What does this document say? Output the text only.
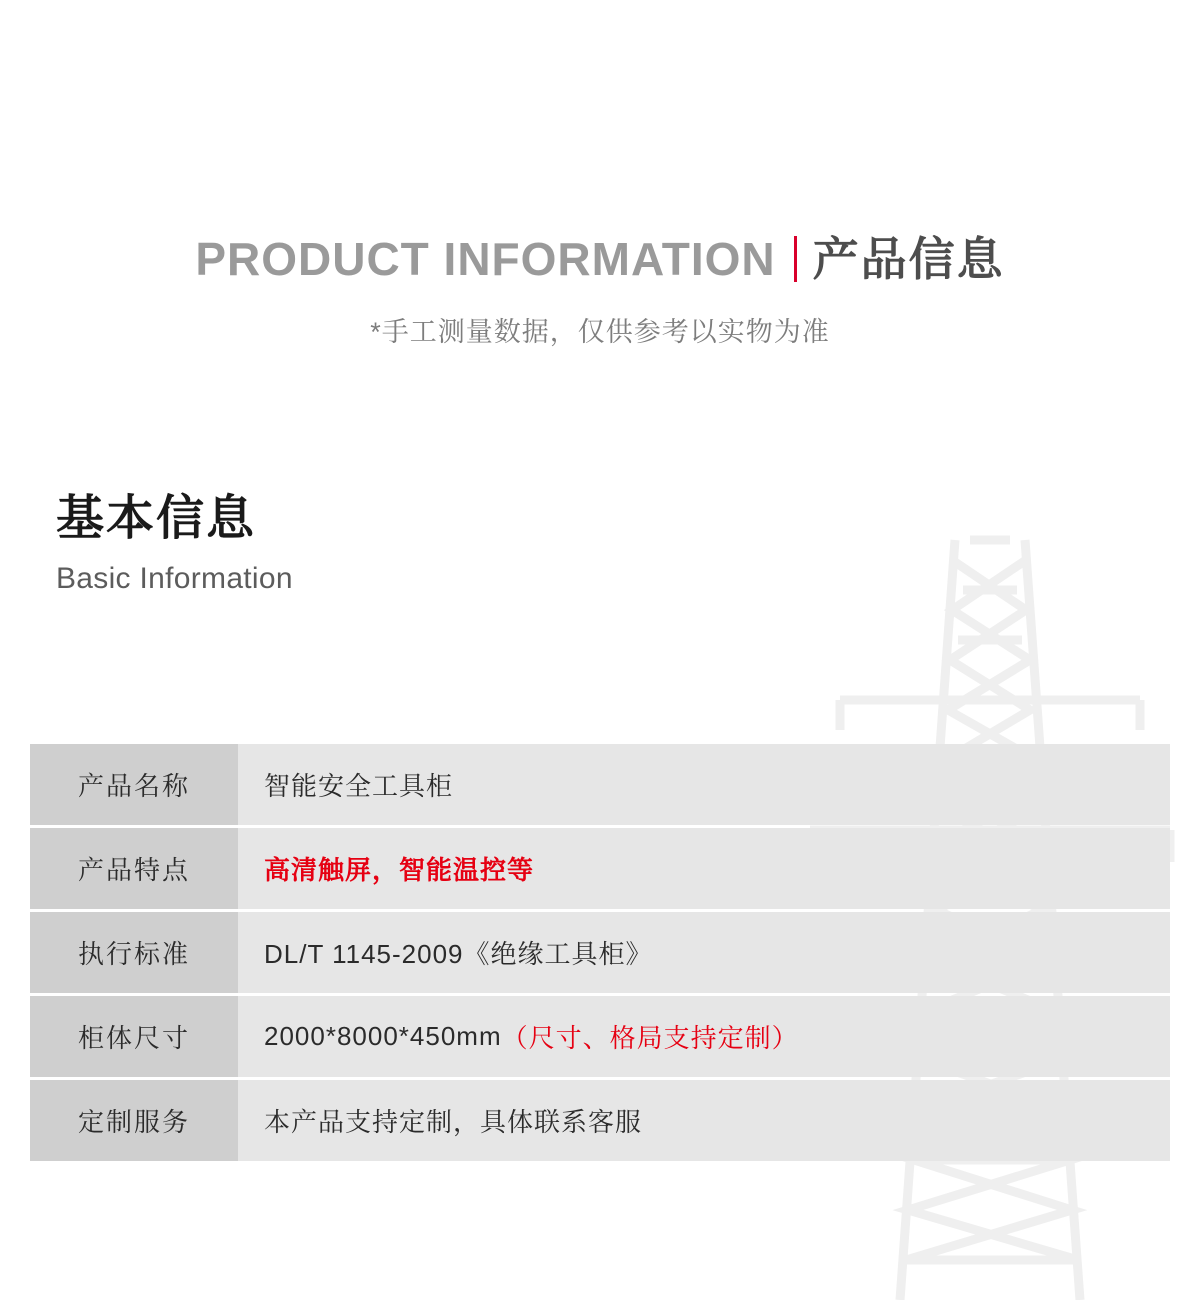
PRODUCT INFORMATION 产品信息
*手工测量数据，仅供参考以实物为准
基本信息
Basic Information
产品名称	智能安全工具柜
产品特点	高清触屏，智能温控等
执行标准	DL/T 1145-2009《绝缘工具柜》
柜体尺寸	2000*8000*450mm （尺寸、格局支持定制）
定制服务	本产品支持定制，具体联系客服
